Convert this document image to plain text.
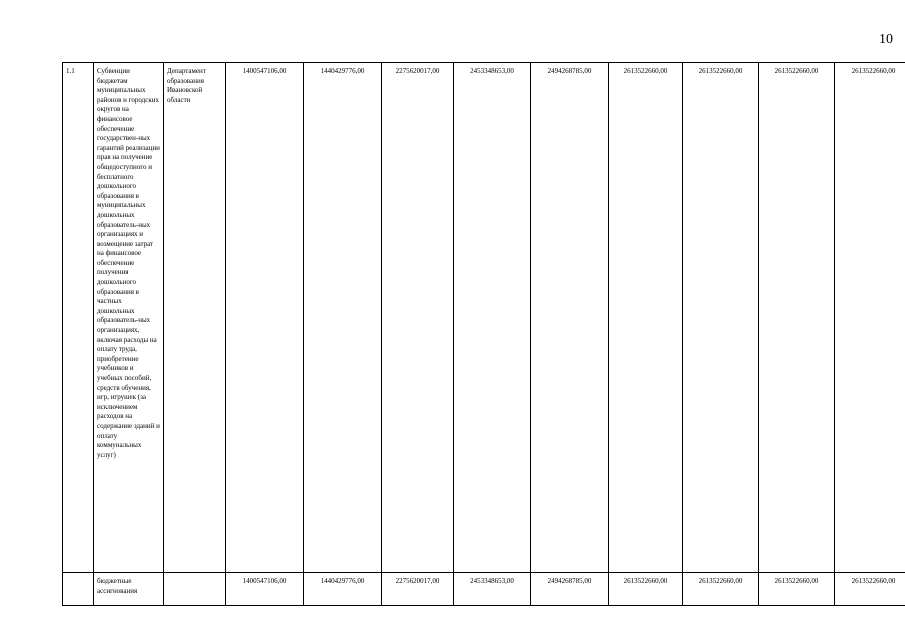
10
1.1	Субвенции бюджетам муниципальных районов и городских округов на финансовое обеспечение государствен-ных гарантий реализации прав на получение общедоступного и бесплатного дошкольного образования в муниципальных дошкольных образователь-ных организациях и возмещение затрат на финансовое обеспечение получения дошкольного образования в частных дошкольных образователь-ных организациях, включая расходы на оплату труда, приобретение учебников и учебных пособий, средств обучения, игр, игрушек (за исключением расходов на содержание зданий и оплату коммунальных услуг)	Департамент образования Ивановской области	1400547106,00	1440429776,00	2275620017,00	2453348653,00	2494268785,00	2613522660,00	2613522660,00	2613522660,00	2613522660,00
	бюджетные ассигнования		1400547106,00	1440429776,00	2275620017,00	2453348653,00	2494268785,00	2613522660,00	2613522660,00	2613522660,00	2613522660,00
